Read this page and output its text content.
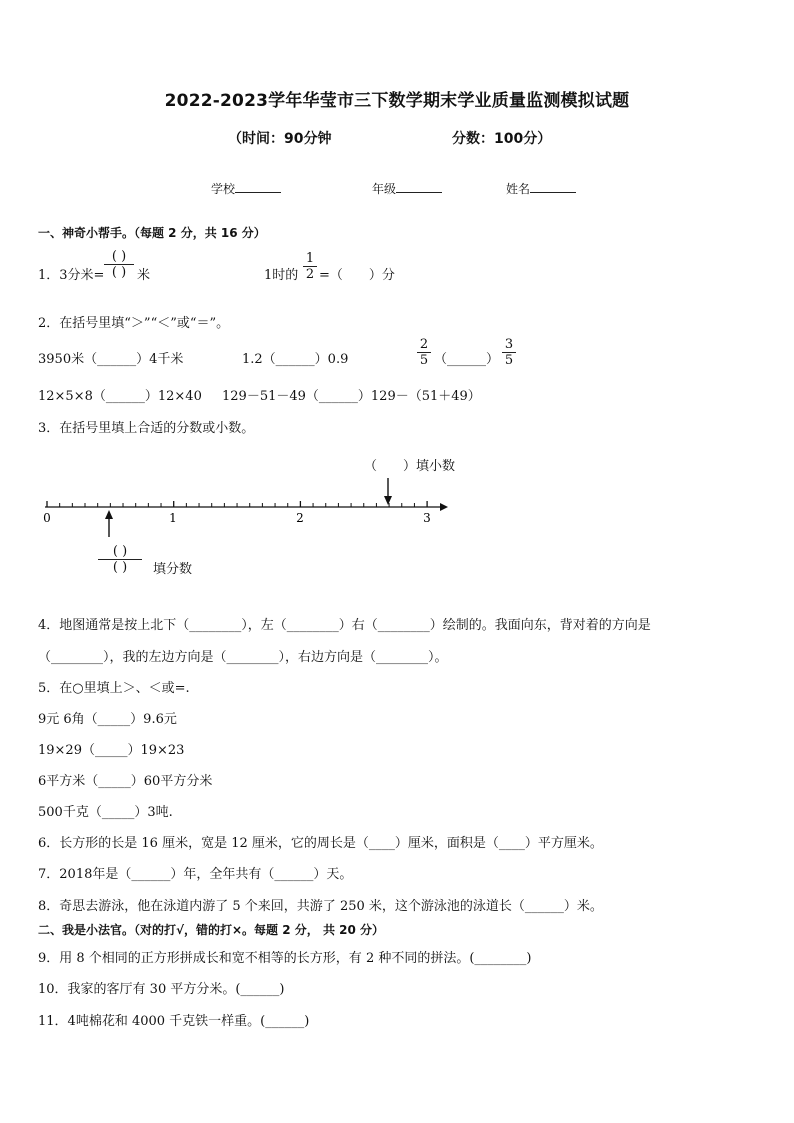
2022-2023学年华莹市三下数学期末学业质量监测模拟试题
（时间：90分钟	分数：100分）
学校	年级	姓名
一、神奇小帮手。（每题 2 分，共 16 分）
1．3分米=
( )
( ) 米	1时的
1
2 =（　　）分
2．在括号里填“＞”“＜”或“＝”。
3950米（______）4千米	1.2（______）0.9
2
5 （______）
3
5
12×5×8（______）12×40 129－51－49（______）129－（51＋49）
3．在括号里填上合适的分数或小数。
（　　）填小数
0	1	2	3
( )
( )	填分数
4．地图通常是按上北下（________），左（________）右（________）绘制的。我面向东，背对着的方向是
（________），我的左边方向是（________），右边方向是（________）。
5．在○里填上＞、＜或=.
9元 6角（_____）9.6元
19×29（_____）19×23
6平方米（_____）60平方分米
500千克（_____）3吨.
6．长方形的长是 16 厘米，宽是 12 厘米，它的周长是（____）厘米，面积是（____）平方厘米。
7．2018年是（______）年，全年共有（______）天。
8．奇思去游泳，他在泳道内游了 5 个来回，共游了 250 米，这个游泳池的泳道长（______）米。
二、我是小法官。（对的打√，错的打×。每题 2 分， 共 20 分）
9．用 8 个相同的正方形拼成长和宽不相等的长方形，有 2 种不同的拼法。(________)
10．我家的客厅有 30 平方分米。(______)
11．4吨棉花和 4000 千克铁一样重。(______)
